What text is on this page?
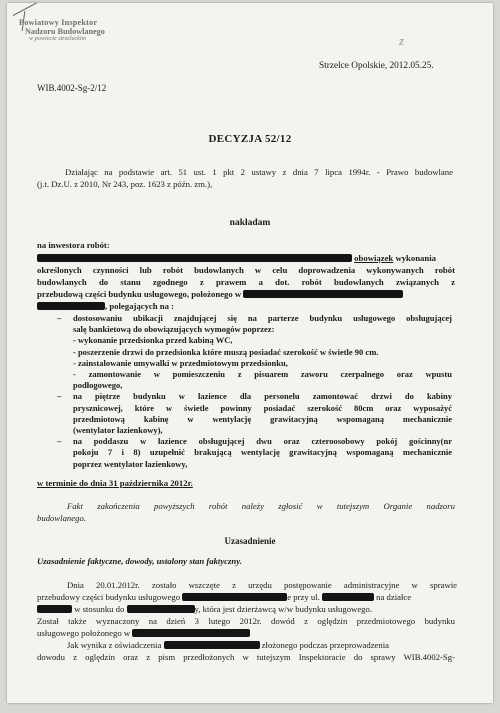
Powiatowy Inspektor
Nadzoru Budowlanego
w powiecie strzeleckim	z
Strzelce Opolskie, 2012.05.25.
WIB.4002-Sg-2/12
DECYZJA 52/12
Działając na podstawie art. 51 ust. 1 pkt 2 ustawy z dnia 7 lipca 1994r. - Prawo budowlane
(j.t. Dz.U. z 2010, Nr 243, poz. 1623 z późn. zm.),
nakładam
na inwestora robót:
obowiązek wykonania
określonych czynności lub robót budowlanych w celu doprowadzenia wykonywanych robót
budowlanych do stanu zgodnego z prawem a dot. robót budowlanych związanych z
przebudową części budynku usługowego, położonego w
, polegających na :
– dostosowaniu ubikacji znajdującej się na parterze budynku usługowego obsługującej
salę bankietową do obowiązujących wymogów poprzez:
- wykonanie przedsionka przed kabiną WC,
- poszerzenie drzwi do przedsionka które muszą posiadać szerokość w świetle 90 cm.
- zainstalowanie umywalki w przedmiotowym przedsionku,
- zamontowanie w pomieszczeniu z pisuarem zaworu czerpalnego oraz wpustu
podłogowego,
– na piętrze budynku w łazience dla personelu zamontować drzwi do kabiny
prysznicowej, które w świetle powinny posiadać szerokość 80cm oraz wyposażyć
przedmiotową kabinę w wentylację grawitacyjną wspomaganą mechanicznie
(wentylator łazienkowy),
– na poddaszu w łazience obsługującej dwu oraz czteroosobowy pokój gościnny(nr
pokoju 7 i 8) uzupełnić brakującą wentylację grawitacyjną wspomaganą mechanicznie
poprzez wentylator łazienkowy,
w terminie do dnia 31 października 2012r.
Fakt zakończenia powyższych robót należy zgłosić w tutejszym Organie nadzoru
budowlanego.
Uzasadnienie
Uzasadnienie faktyczne, dowody, ustalony stan faktyczny.
Dnia 20.01.2012r. zostało wszczęte z urzędu postępowanie administracyjne w sprawie
przebudowy części budynku usługowego	e przy ul.	na działce
w stosunku do	y, która jest dzierżawcą w/w budynku usługowego.
Został także wyznaczony na dzień 3 lutego 2012r. dowód z oględzin przedmiotowego budynku
usługowego położonego w
Jak wynika z oświadczenia	złożonego podczas przeprowadzenia
dowodu z oględzin oraz z pism przedłożonych w tutejszym Inspektoracie do sprawy WIB.4002-Sg-
